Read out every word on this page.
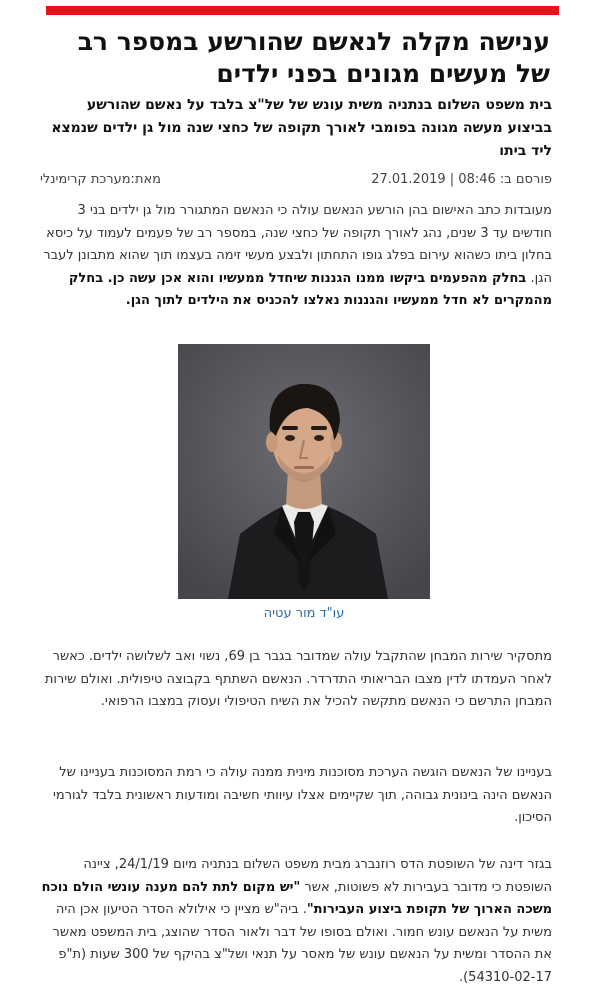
ענישה מקלה לנאשם שהורשע במספר רב של מעשים מגונים בפני ילדים

בית משפט השלום בנתניה משית עונש של של"צ בלבד על נאשם שהורשע בביצוע מעשה מגונה בפומבי לאורך תקופה של כחצי שנה מול גן ילדים שנמצא ליד ביתו

פורסם ב: 08:46 | 27.01.2019
מאת:מערכת קרימינלי

מעובדות כתב האישום בהן הורשע הנאשם עולה כי הנאשם המתגורר מול גן ילדים בני 3 חודשים עד 3 שנים, נהג לאורך תקופה של כחצי שנה, במספר רב של פעמים לעמוד על כיסא בחלון ביתו כשהוא עירום בפלג גופו התחתון ולבצע מעשי זימה בעצמו תוך שהוא מתבונן לעבר הגן. בחלק מהפעמים ביקשו ממנו הגננות שיחדל ממעשיו והוא אכן עשה כן. בחלק מהמקרים לא חדל ממעשיו והגננות נאלצו להכניס את הילדים לתוך הגן.

עו"ד מור עטיה

מתסקיר שירות המבחן שהתקבל עולה שמדובר בגבר בן 69, נשוי ואב לשלושה ילדים. כאשר לאחר העמדתו לדין מצבו הבריאותי התדרדר. הנאשם השתתף בקבוצה טיפולית. ואולם שירות המבחן התרשם כי הנאשם מתקשה להכיל את השיח הטיפולי ועסוק במצבו הרפואי.

בעניינו של הנאשם הוגשה הערכת מסוכנות מינית ממנה עולה כי רמת המסוכנות בעניינו של הנאשם הינה בינונית גבוהה, תוך שקיימים אצלו עיוותי חשיבה ומודעות ראשונית בלבד לגורמי הסיכון.

בגזר דינה של השופטת הדס רוזנברג מבית משפט השלום בנתניה מיום 24/1/19, ציינה השופטת כי מדובר בעבירות לא פשוטות, אשר "יש מקום לתת להם מענה עונשי הולם נוכח משכה הארוך של תקופת ביצוע העבירות". ביה"ש מציין כי אילולא הסדר הטיעון אכן היה משית על הנאשם עונש חמור. ואולם בסופו של דבר ולאור הסדר שהוצג, בית המשפט מאשר את ההסדר ומשית על הנאשם עונש של מאסר על תנאי ושל"צ בהיקף של 300 שעות (ת"פ 54310-02-17).
